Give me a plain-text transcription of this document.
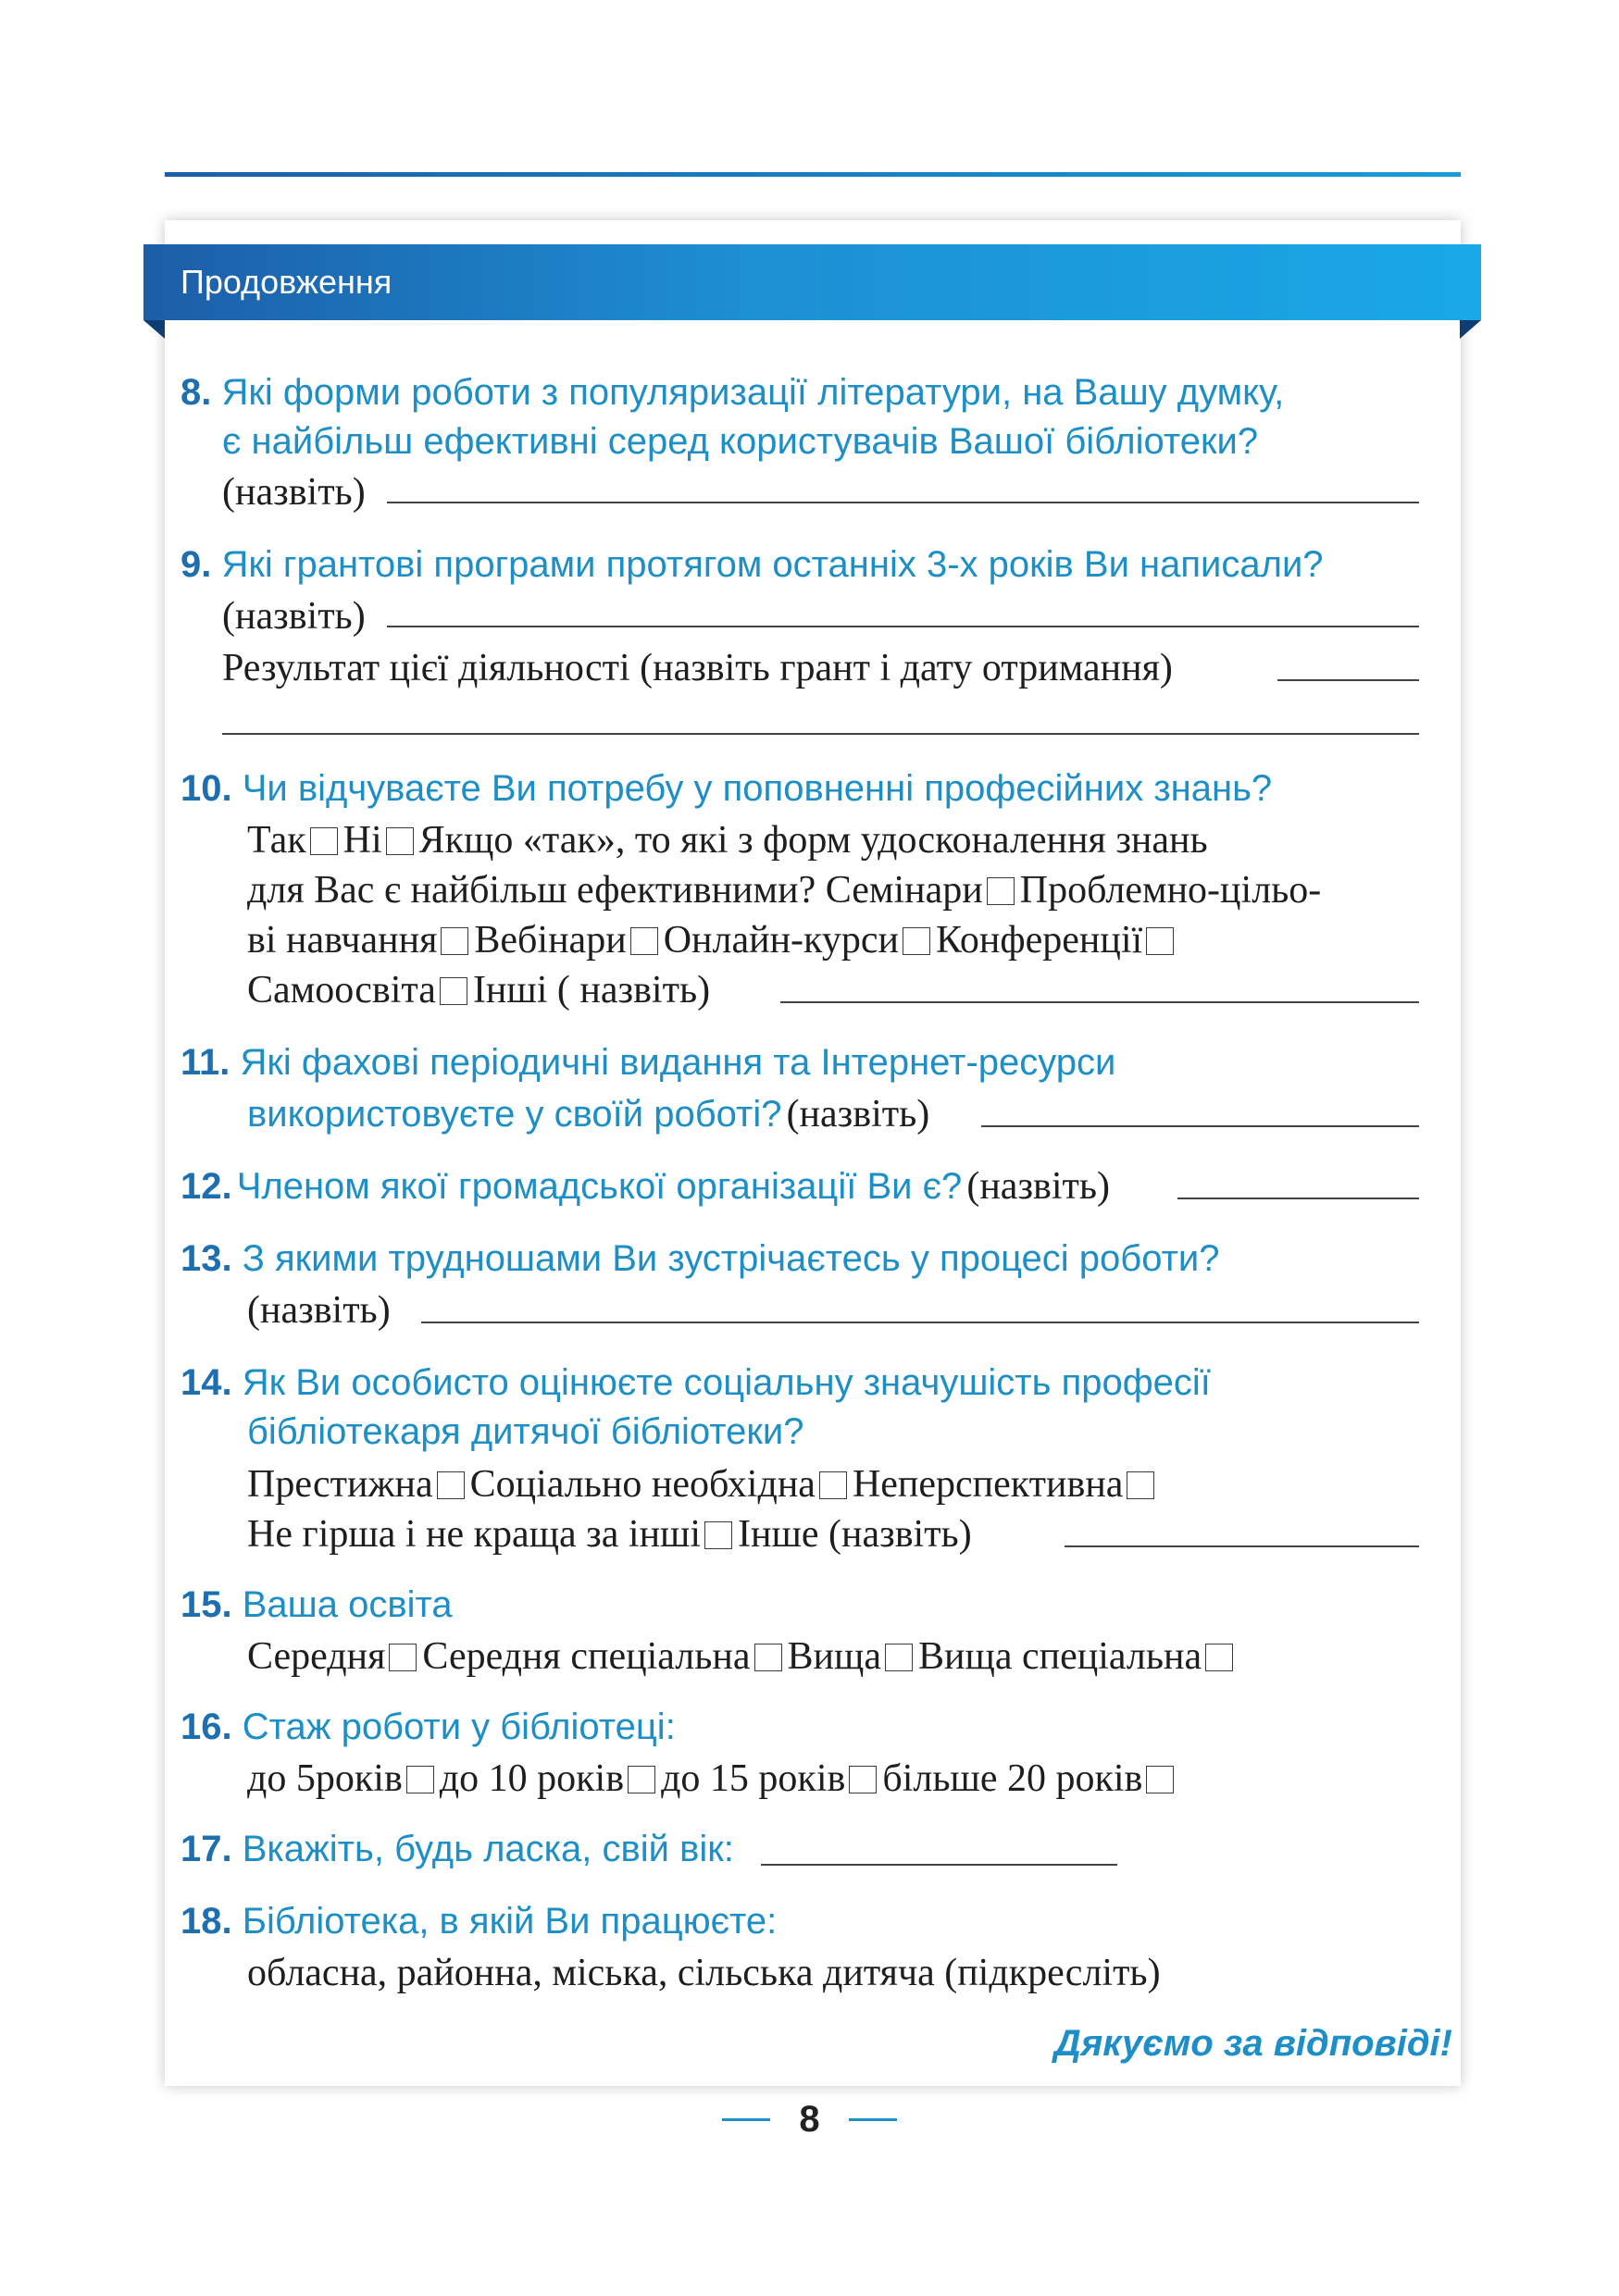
Продовження
8. Які форми роботи з популяризації літератури, на Вашу думку,
є найбільш ефективні серед користувачів Вашої бібліотеки?
(назвіть)
9. Які грантові програми протягом останніх 3-х років Ви написали?
(назвіть)
Результат цієї діяльності (назвіть грант і дату отримання)
10. Чи відчуваєте Ви потребу у поповненні професійних знань?
Так Ні Якщо «так», то які з форм удосконалення знань
для Вас є найбільш ефективними? Семінари Проблемно-цільо-
ві навчання Вебінари Онлайн-курси Конференції
Самоосвіта Інші ( назвіть)
11. Які фахові періодичні видання та Інтернет-ресурси
використовуєте у своїй роботі? (назвіть)
12. Членом якої громадської організації Ви є? (назвіть)
13. З якими трудношами Ви зустрічаєтесь у процесі роботи?
(назвіть)
14. Як Ви особисто оцінюєте соціальну значушість професії
бібліотекаря дитячої бібліотеки?
Престижна Соціально необхідна Неперспективна
Не гірша і не краща за інші Інше (назвіть)
15. Ваша освіта
Середня Середня спеціальна Вища Вища спеціальна
16. Стаж роботи у бібліотеці:
до 5років до 10 років до 15 років більше 20 років
17. Вкажіть, будь ласка, свій вік:
18. Бібліотека, в якій Ви працюєте:
обласна, районна, міська, сільська дитяча (підкресліть)
Дякуємо за відповіді!
8
